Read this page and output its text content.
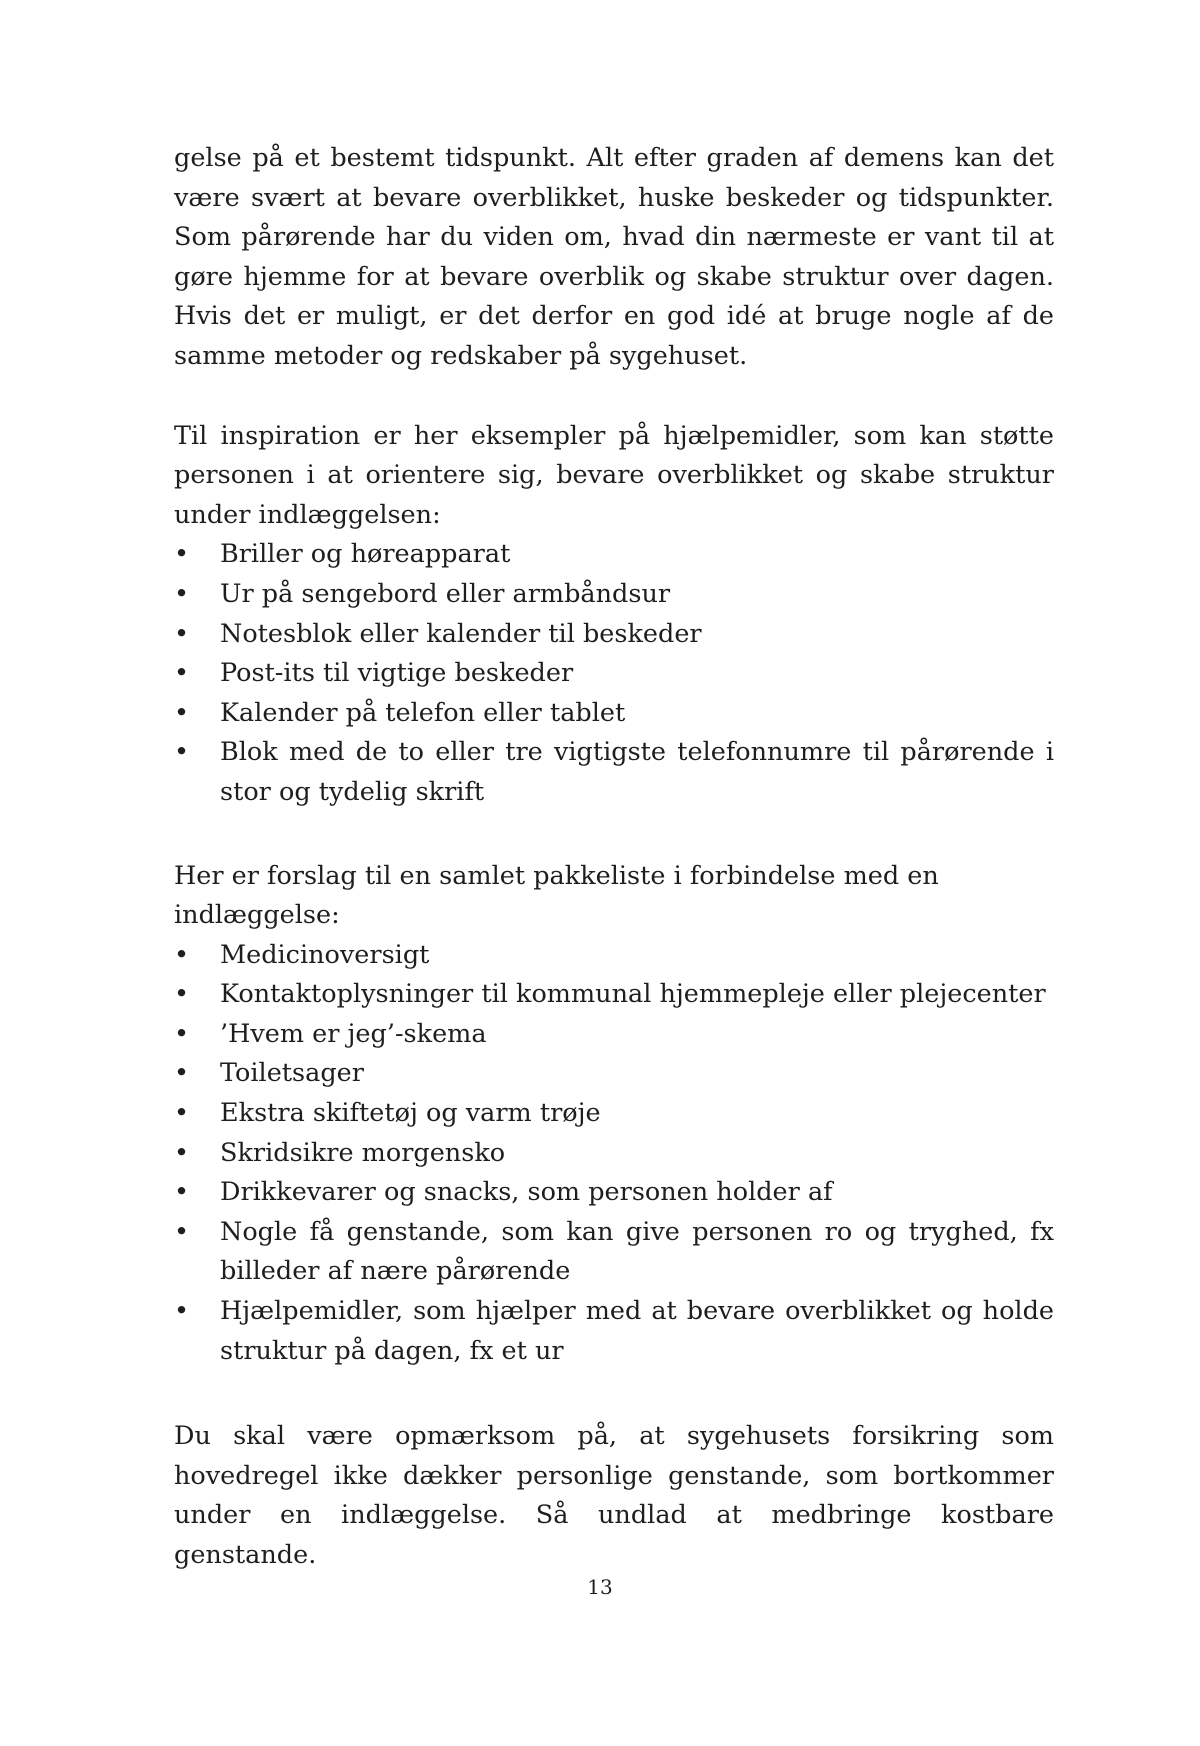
gelse på et bestemt tidspunkt. Alt efter graden af demens kan det være svært at bevare overblikket, huske beskeder og tidspunkter. Som pårørende har du viden om, hvad din nærmeste er vant til at gøre hjemme for at bevare overblik og skabe struktur over dagen. Hvis det er muligt, er det derfor en god idé at bruge nogle af de samme metoder og redskaber på sygehuset.

Til inspiration er her eksempler på hjælpemidler, som kan støtte personen i at orientere sig, bevare overblikket og skabe struktur under indlæggelsen:

• Briller og høreapparat
• Ur på sengebord eller armbåndsur
• Notesblok eller kalender til beskeder
• Post-its til vigtige beskeder
• Kalender på telefon eller tablet
• Blok med de to eller tre vigtigste telefonnumre til pårørende i stor og tydelig skrift

Her er forslag til en samlet pakkeliste i forbindelse med en indlæggelse:

• Medicinoversigt
• Kontaktoplysninger til kommunal hjemmepleje eller plejecenter
• ’Hvem er jeg’-skema
• Toiletsager
• Ekstra skiftetøj og varm trøje
• Skridsikre morgensko
• Drikkevarer og snacks, som personen holder af
• Nogle få genstande, som kan give personen ro og tryghed, fx billeder af nære pårørende
• Hjælpemidler, som hjælper med at bevare overblikket og holde struktur på dagen, fx et ur

Du skal være opmærksom på, at sygehusets forsikring som hovedregel ikke dækker personlige genstande, som bortkommer under en indlæggelse. Så undlad at medbringe kostbare genstande.

13
